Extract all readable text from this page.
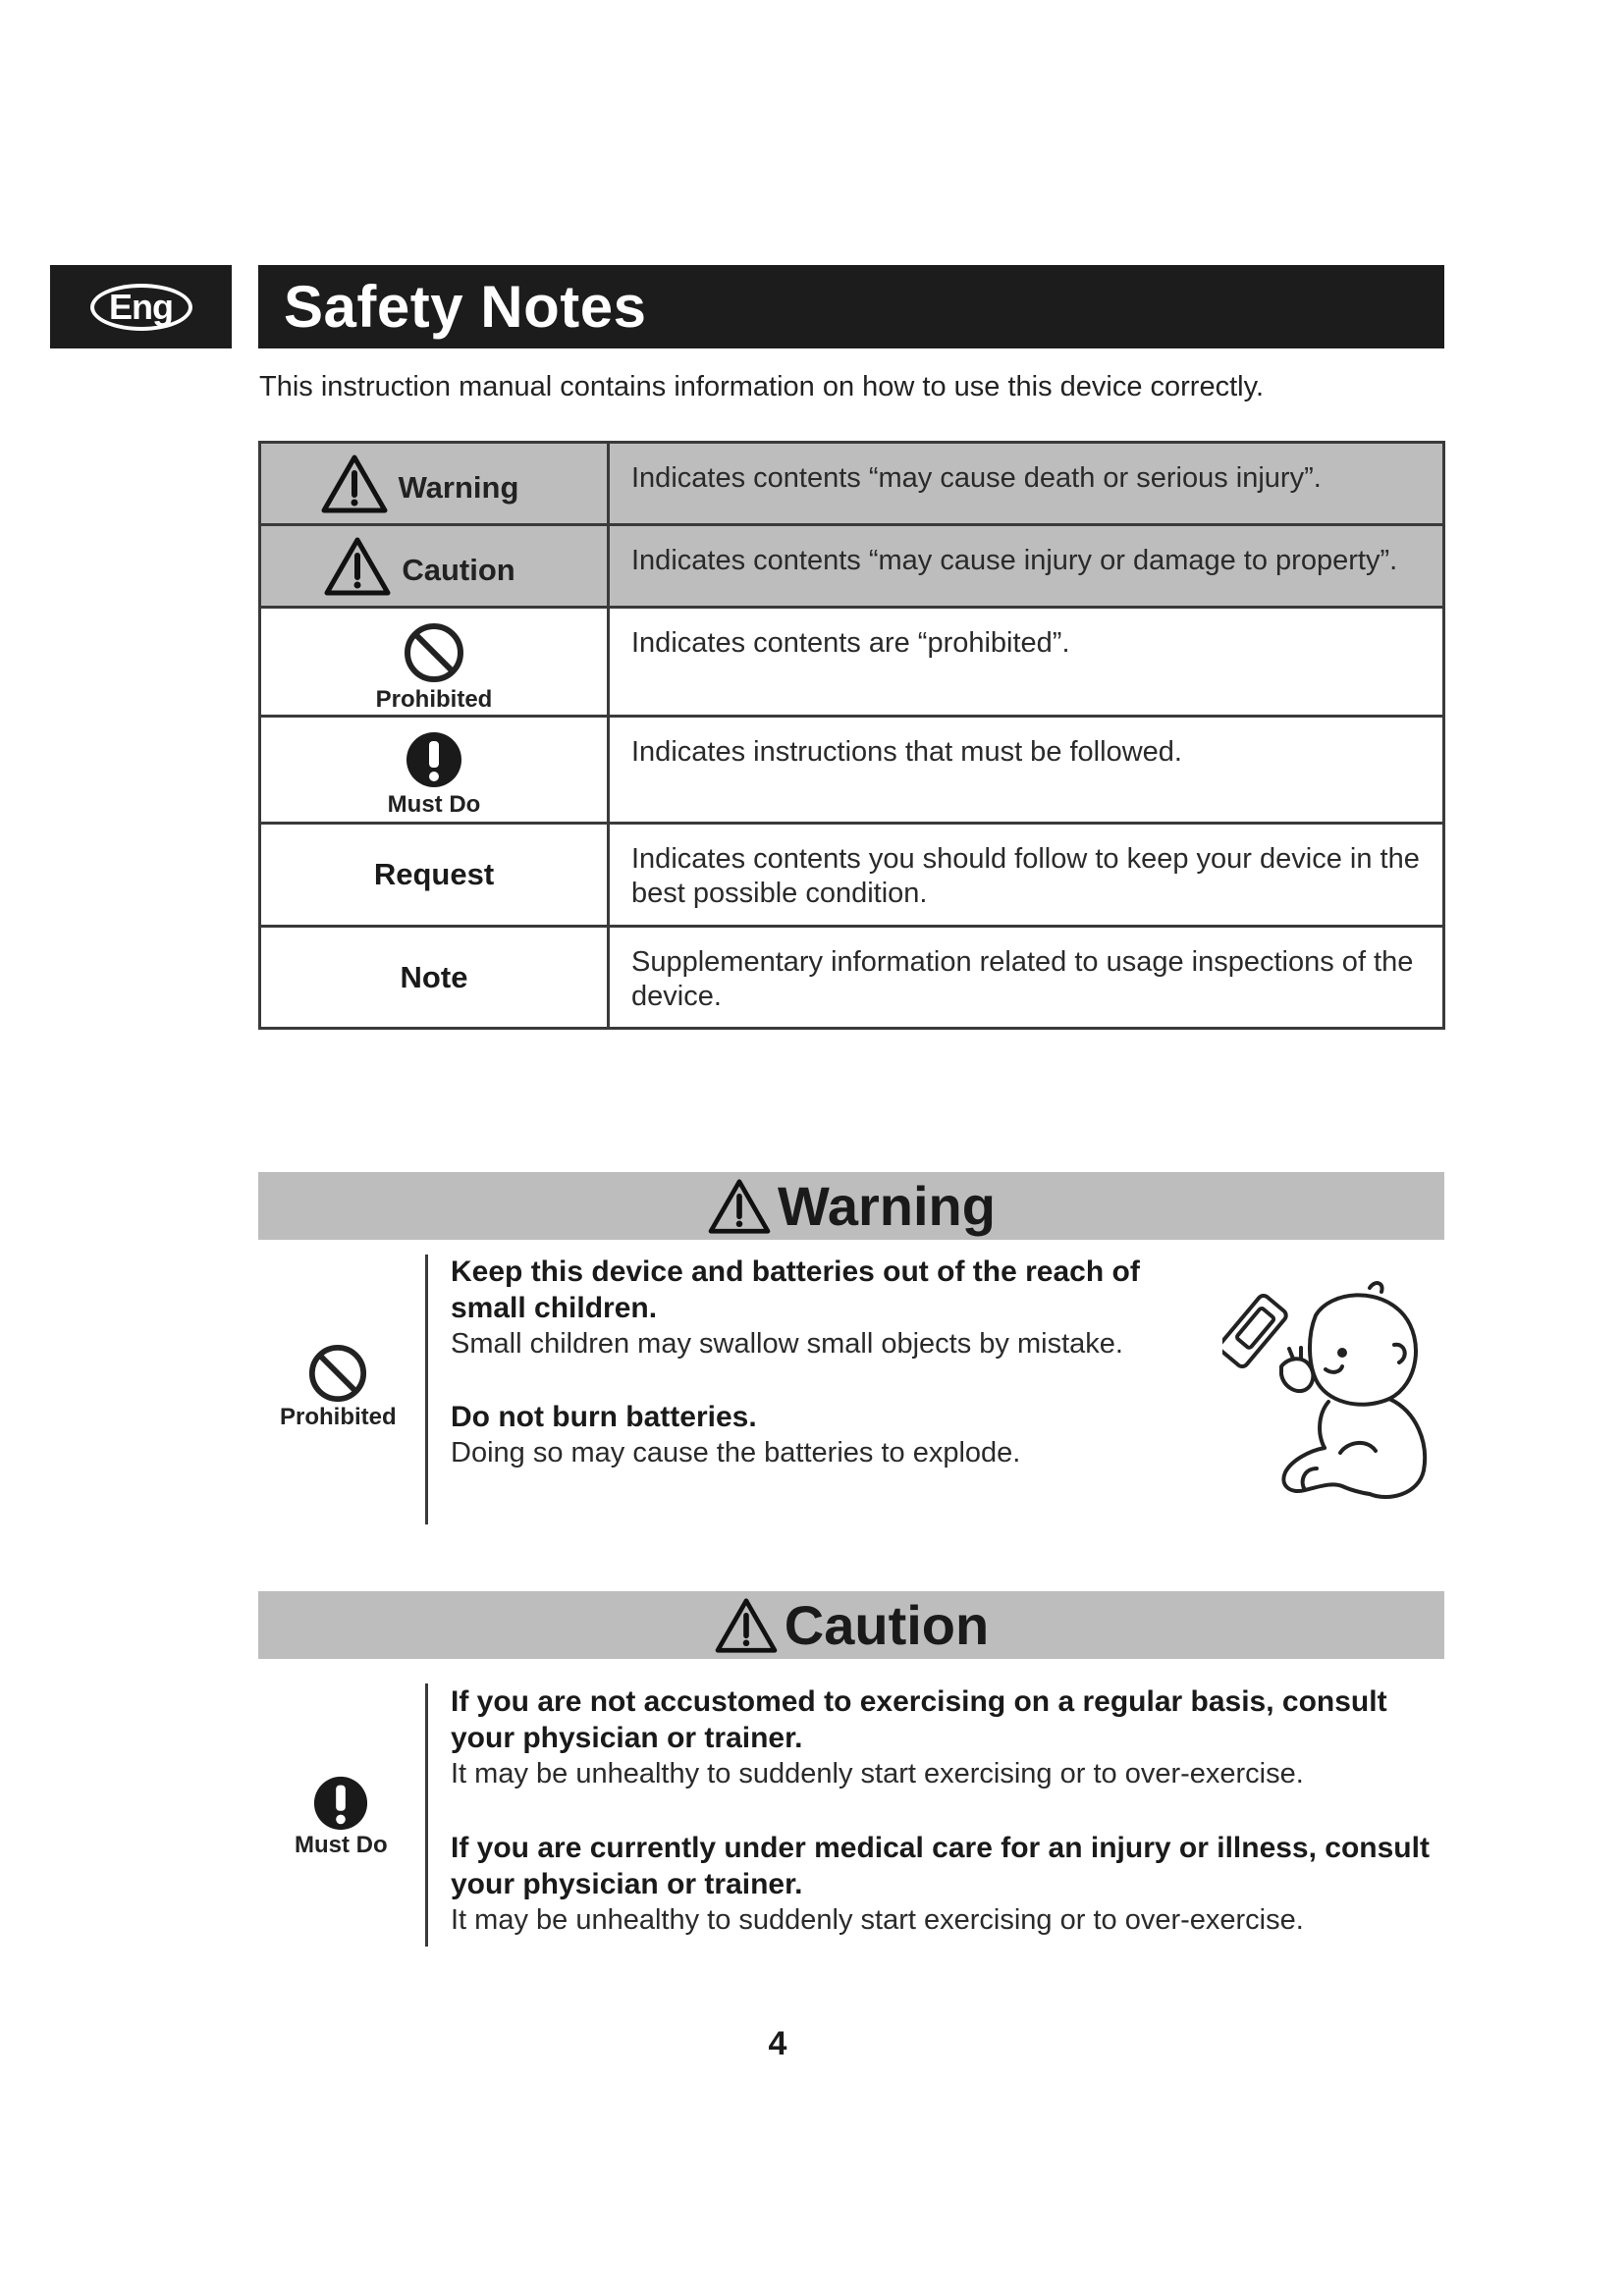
Eng Safety Notes
This instruction manual contains information on how to use this device correctly.
Warning	Indicates contents “may cause death or serious injury”.

Caution	Indicates contents “may cause injury or damage to property”.

Prohibited	Indicates contents are “prohibited”.

Must Do	Indicates instructions that must be followed.

Request	Indicates contents you should follow to keep your device in the best possible condition.

Note	Supplementary information related to usage inspections of the device.
Warning
Prohibited
Keep this device and batteries out of the reach of small children.
Small children may swallow small objects by mistake.
Do not burn batteries.
Doing so may cause the batteries to explode.
Caution
Must Do
If you are not accustomed to exercising on a regular basis, consult your physician or trainer.
It may be unhealthy to suddenly start exercising or to over-exercise.
If you are currently under medical care for an injury or illness, consult your physician or trainer.
It may be unhealthy to suddenly start exercising or to over-exercise.
4
